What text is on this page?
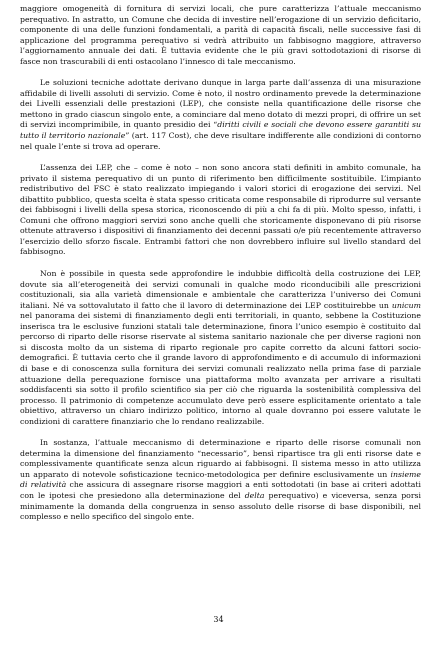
maggiore omogeneità di fornitura di servizi locali, che pure caratterizza l’attuale meccanismo perequativo. In astratto, un Comune che decida di investire nell’erogazione di un servizio deficitario, componente di una delle funzioni fondamentali, a parità di capacità fiscali, nelle successive fasi di applicazione del programma perequativo si vedrà attribuito un fabbisogno maggiore, attraverso l’aggiornamento annuale dei dati. È tuttavia evidente che le più gravi sottodotazioni di risorse di fasce non trascurabili di enti ostacolano l’innesco di tale meccanismo.

Le soluzioni tecniche adottate derivano dunque in larga parte dall’assenza di una misurazione affidabile di livelli assoluti di servizio. Come è noto, il nostro ordinamento prevede la determinazione dei Livelli essenziali delle prestazioni (LEP), che consiste nella quantificazione delle risorse che mettono in grado ciascun singolo ente, a cominciare dal meno dotato di mezzi propri, di offrire un set di servizi incomprimibile, in quanto presidio dei “diritti civili e sociali che devono essere garantiti su tutto il territorio nazionale” (art. 117 Cost), che deve risultare indifferente alle condizioni di contorno nel quale l’ente si trova ad operare.

L’assenza dei LEP, che – come è noto – non sono ancora stati definiti in ambito comunale, ha privato il sistema perequativo di un punto di riferimento ben difficilmente sostituibile. L’impianto redistributivo del FSC è stato realizzato impiegando i valori storici di erogazione dei servizi. Nel dibattito pubblico, questa scelta è stata spesso criticata come responsabile di riprodurre sul versante dei fabbisogni i livelli della spesa storica, riconoscendo di più a chi fa di più. Molto spesso, infatti, i Comuni che offrono maggiori servizi sono anche quelli che storicamente disponevano di più risorse ottenute attraverso i dispositivi di finanziamento dei decenni passati o/e più recentemente attraverso l’esercizio dello sforzo fiscale. Entrambi fattori che non dovrebbero influire sul livello standard del fabbisogno.

Non è possibile in questa sede approfondire le indubbie difficoltà della costruzione dei LEP, dovute sia all’eterogeneità dei servizi comunali in qualche modo riconducibili alle prescrizioni costituzionali, sia alla varietà dimensionale e ambientale che caratterizza l’universo dei Comuni italiani. Né va sottovalutato il fatto che il lavoro di determinazione dei LEP costituirebbe un unicum nel panorama dei sistemi di finanziamento degli enti territoriali, in quanto, sebbene la Costituzione inserisca tra le esclusive funzioni statali tale determinazione, finora l’unico esempio è costituito dal percorso di riparto delle risorse riservate al sistema sanitario nazionale che per diverse ragioni non si discosta molto da un sistema di riparto regionale pro capite corretto da alcuni fattori socio-demografici. È tuttavia certo che il grande lavoro di approfondimento e di accumulo di informazioni di base e di conoscenza sulla fornitura dei servizi comunali realizzato nella prima fase di parziale attuazione della perequazione fornisce una piattaforma molto avanzata per arrivare a risultati soddisfacenti sia sotto il profilo scientifico sia per ciò che riguarda la sostenibilità complessiva del processo. Il patrimonio di competenze accumulato deve però essere esplicitamente orientato a tale obiettivo, attraverso un chiaro indirizzo politico, intorno al quale dovranno poi essere valutate le condizioni di carattere finanziario che lo rendano realizzabile.

In sostanza, l’attuale meccanismo di determinazione e riparto delle risorse comunali non determina la dimensione del finanziamento “necessario”, bensì ripartisce tra gli enti risorse date e complessivamente quantificate senza alcun riguardo ai fabbisogni. Il sistema messo in atto utilizza un apparato di notevole sofisticazione tecnico-metodologica per definire esclusivamente un insieme di relatività che assicura di assegnare risorse maggiori a enti sottodotati (in base ai criteri adottati con le ipotesi che presiedono alla determinazione del delta perequativo) e viceversa, senza porsi minimamente la domanda della congruenza in senso assoluto delle risorse di base disponibili, nel complesso e nello specifico del singolo ente.

34
